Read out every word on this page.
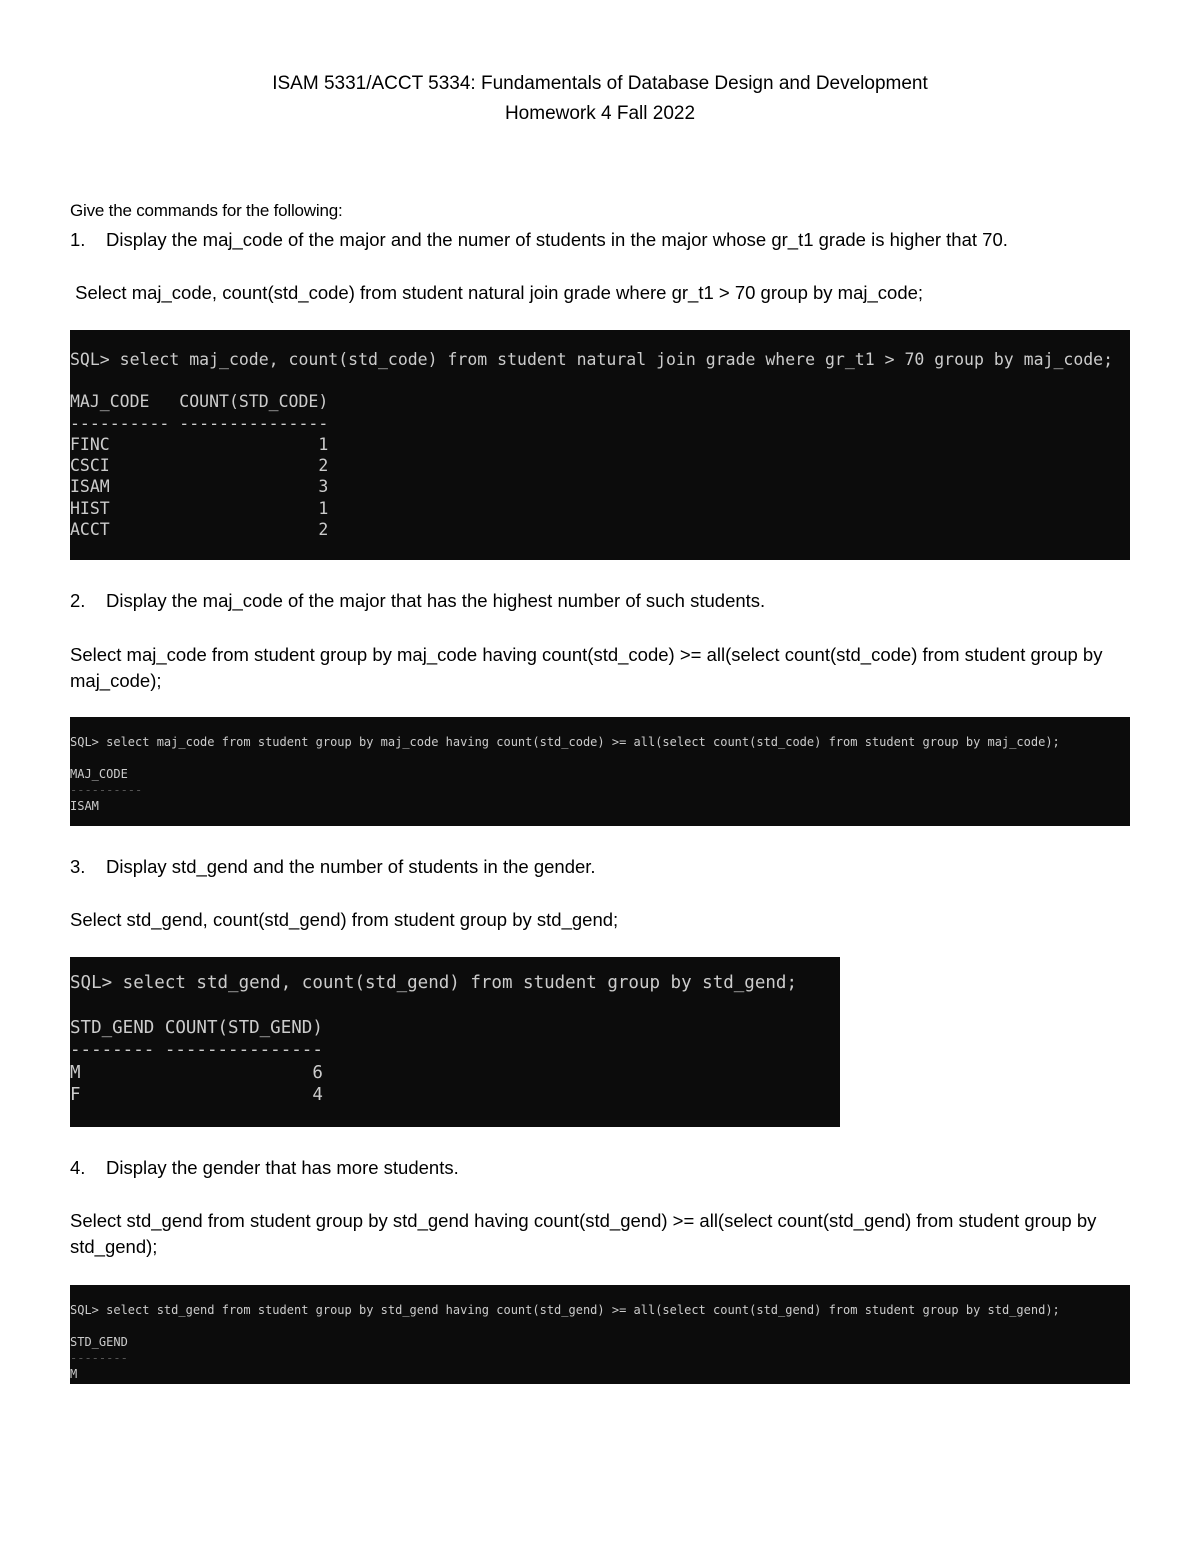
ISAM 5331/ACCT 5334: Fundamentals of Database Design and Development
Homework 4 Fall 2022
Give the commands for the following:
1. Display the maj_code of the major and the numer of students in the major whose gr_t1 grade is higher that 70.
Select maj_code, count(std_code) from student natural join grade where gr_t1 > 70 group by maj_code;
SQL> select maj_code, count(std_code) from student natural join grade where gr_t1 > 70 group by maj_code;
MAJ_CODE   COUNT(STD_CODE)
---------- ---------------
FINC                     1
CSCI                     2
ISAM                     3
HIST                     1
ACCT                     2
2. Display the maj_code of the major that has the highest number of such students.
Select maj_code from student group by maj_code having count(std_code) >= all(select count(std_code) from student group by maj_code);
SQL> select maj_code from student group by maj_code having count(std_code) >= all(select count(std_code) from student group by maj_code);
MAJ_CODE
----------
ISAM
3. Display std_gend and the number of students in the gender.
Select std_gend, count(std_gend) from student group by std_gend;
SQL> select std_gend, count(std_gend) from student group by std_gend;
STD_GEND COUNT(STD_GEND)
-------- ---------------
M                      6
F                      4
4. Display the gender that has more students.
Select std_gend from student group by std_gend having count(std_gend) >= all(select count(std_gend) from student group by std_gend);
SQL> select std_gend from student group by std_gend having count(std_gend) >= all(select count(std_gend) from student group by std_gend);
STD_GEND
--------
M
